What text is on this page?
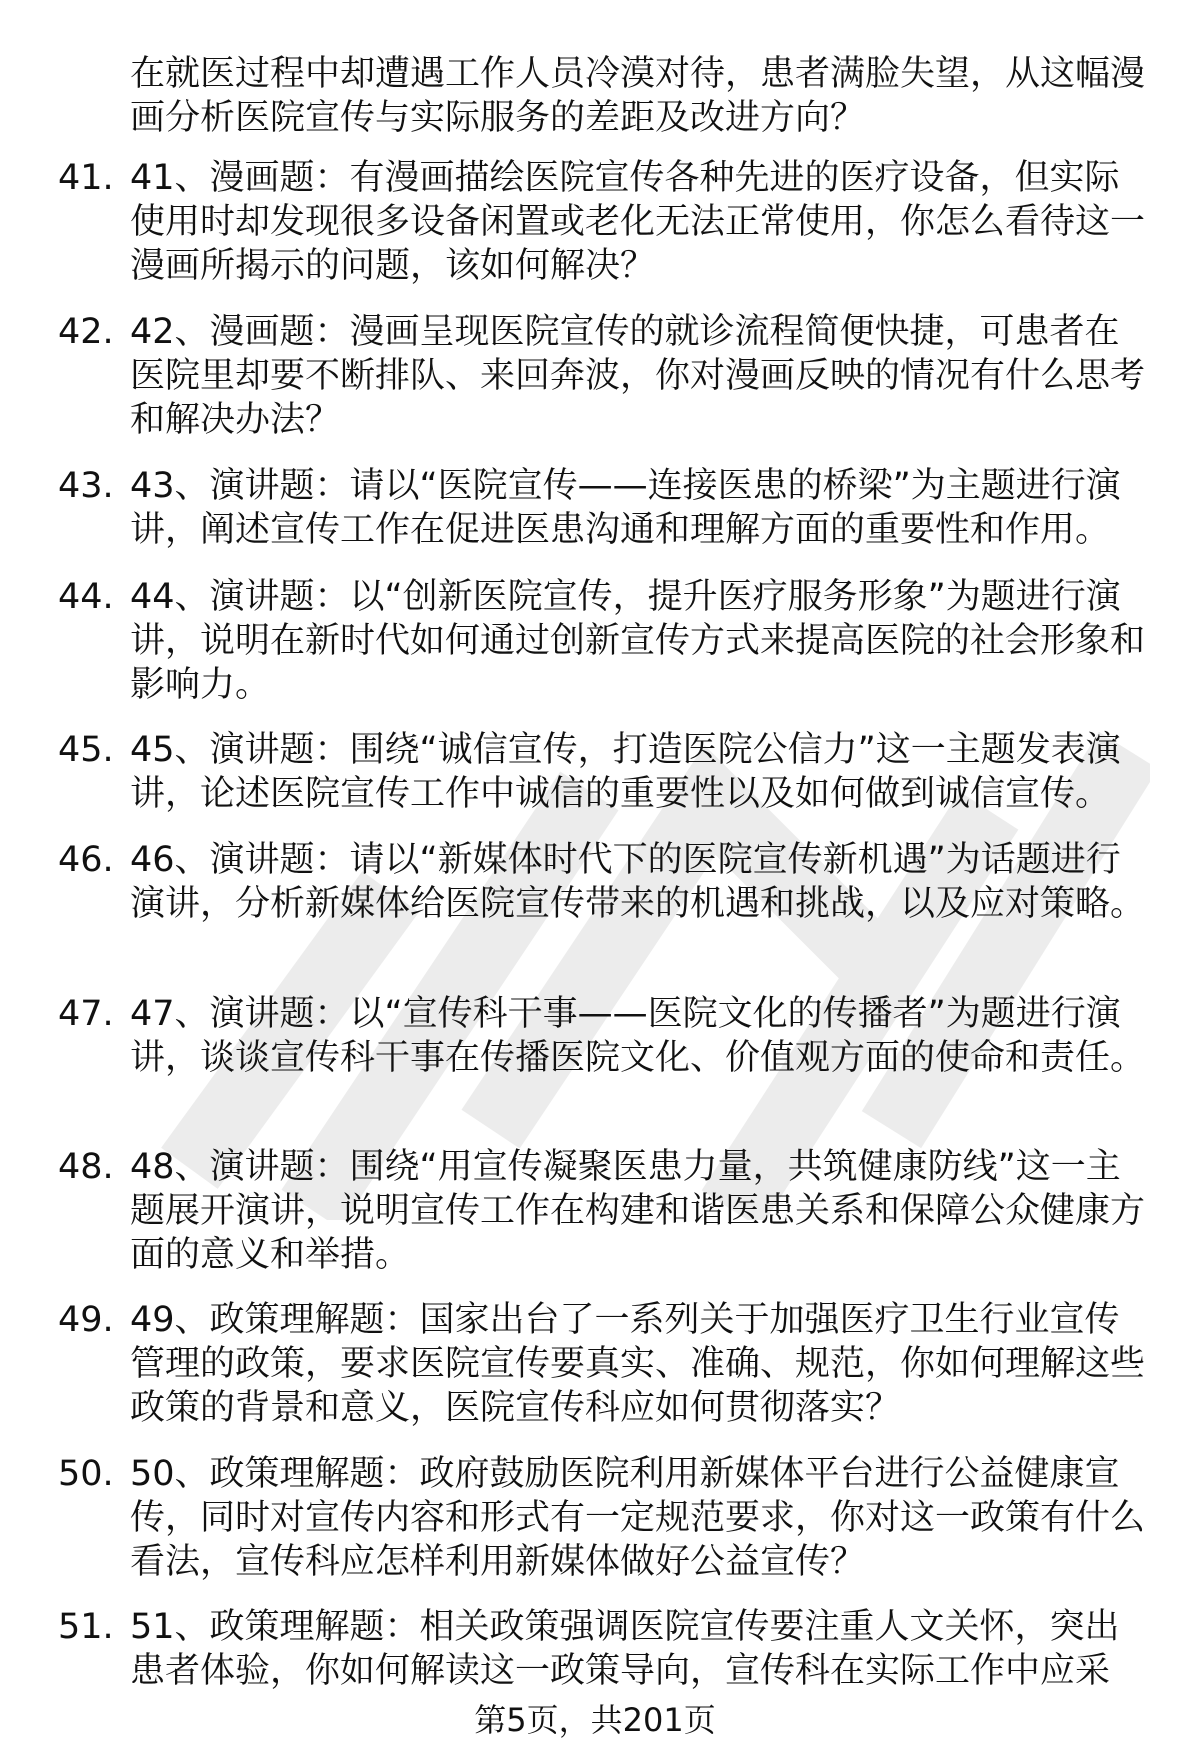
在就医过程中却遭遇工作人员冷漠对待，患者满脸失望，从这幅漫画分析医院宣传与实际服务的差距及改进方向？

41. 41、漫画题：有漫画描绘医院宣传各种先进的医疗设备，但实际使用时却发现很多设备闲置或老化无法正常使用，你怎么看待这一漫画所揭示的问题，该如何解决？

42. 42、漫画题：漫画呈现医院宣传的就诊流程简便快捷，可患者在医院里却要不断排队、来回奔波，你对漫画反映的情况有什么思考和解决办法？

43. 43、演讲题：请以“医院宣传——连接医患的桥梁”为主题进行演讲，阐述宣传工作在促进医患沟通和理解方面的重要性和作用。

44. 44、演讲题：以“创新医院宣传，提升医疗服务形象”为题进行演讲，说明在新时代如何通过创新宣传方式来提高医院的社会形象和影响力。

45. 45、演讲题：围绕“诚信宣传，打造医院公信力”这一主题发表演讲，论述医院宣传工作中诚信的重要性以及如何做到诚信宣传。

46. 46、演讲题：请以“新媒体时代下的医院宣传新机遇”为话题进行演讲，分析新媒体给医院宣传带来的机遇和挑战，以及应对策略。

47. 47、演讲题：以“宣传科干事——医院文化的传播者”为题进行演讲，谈谈宣传科干事在传播医院文化、价值观方面的使命和责任。

48. 48、演讲题：围绕“用宣传凝聚医患力量，共筑健康防线”这一主题展开演讲，说明宣传工作在构建和谐医患关系和保障公众健康方面的意义和举措。

49. 49、政策理解题：国家出台了一系列关于加强医疗卫生行业宣传管理的政策，要求医院宣传要真实、准确、规范，你如何理解这些政策的背景和意义，医院宣传科应如何贯彻落实？

50. 50、政策理解题：政府鼓励医院利用新媒体平台进行公益健康宣传，同时对宣传内容和形式有一定规范要求，你对这一政策有什么看法，宣传科应怎样利用新媒体做好公益宣传？

51. 51、政策理解题：相关政策强调医院宣传要注重人文关怀，突出患者体验，你如何解读这一政策导向，宣传科在实际工作中应采

第5页，共201页
